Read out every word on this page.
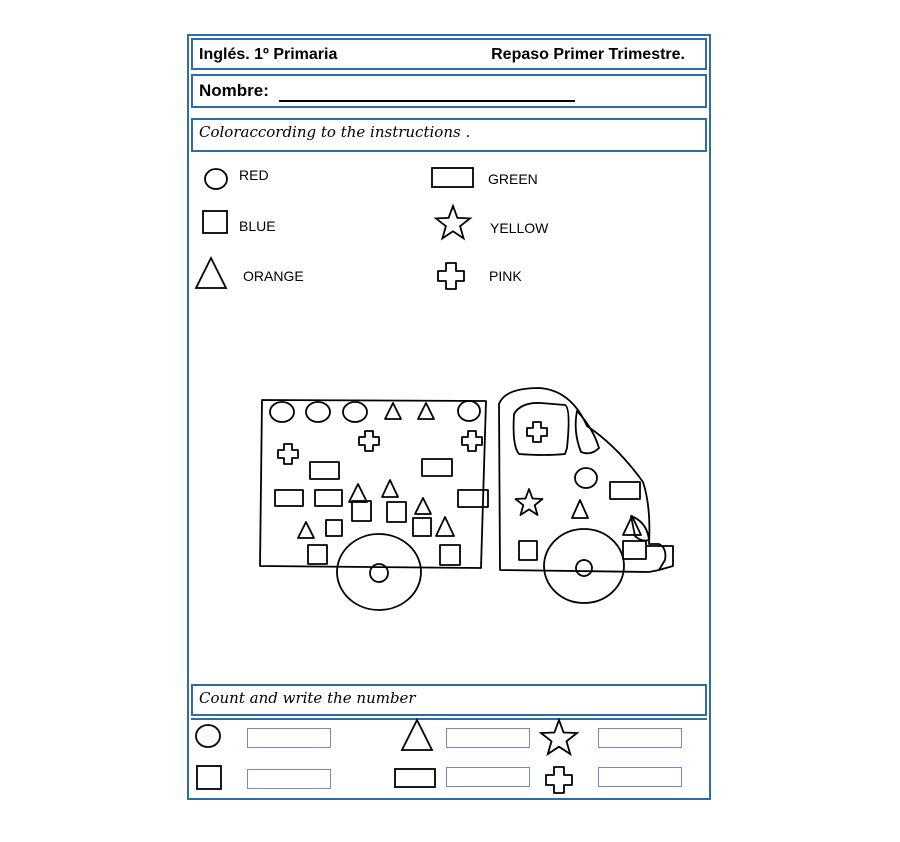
Inglés. 1º Primaria	Repaso Primer Trimestre.
Nombre:
Coloraccording to the instructions .
RED	GREEN
BLUE	YELLOW
ORANGE	PINK
Count and write the number
